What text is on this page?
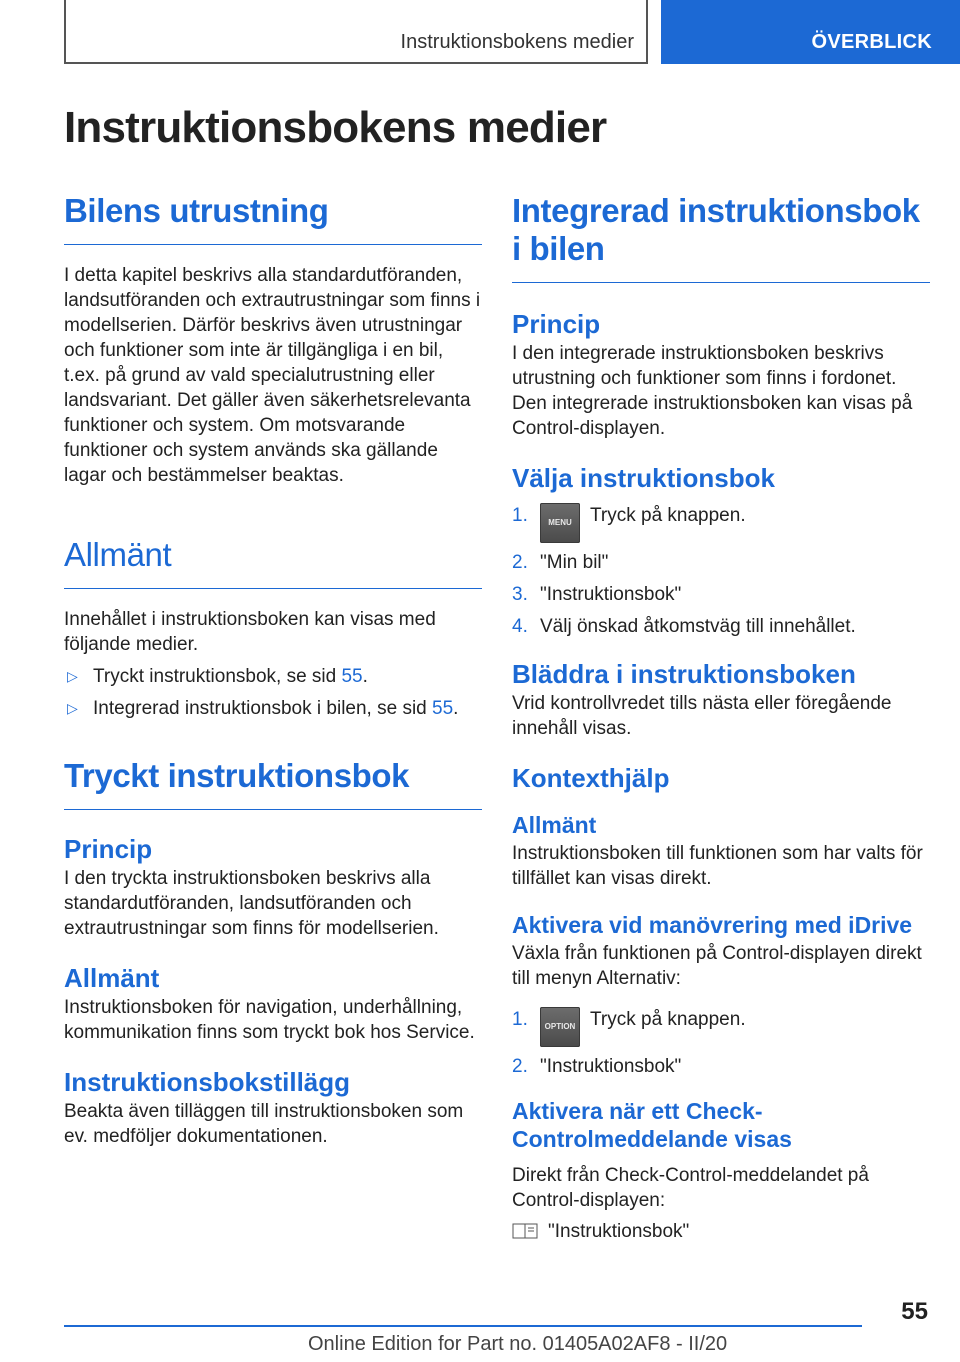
Instruktionsbokens medier	ÖVERBLICK
Instruktionsbokens medier
Bilens utrustning

I detta kapitel beskrivs alla standardutföranden, landsutföranden och extrautrustningar som finns i modellserien. Därför beskrivs även utrustningar och funktioner som inte är tillgängliga i en bil, t.ex. på grund av vald specialutrustning eller landsvariant. Det gäller även säkerhetsrelevanta funktioner och system. Om motsvarande funktioner och system används ska gällande lagar och bestämmelser beaktas.

Allmänt

Innehållet i instruktionsboken kan visas med följande medier.

▷ Tryckt instruktionsbok, se sid 55.
▷ Integrerad instruktionsbok i bilen, se sid 55.
Tryckt instruktionsbok
Princip

I den tryckta instruktionsboken beskrivs alla standardutföranden, landsutföranden och extrautrustningar som finns för modellserien.

Allmänt

Instruktionsboken för navigation, underhållning, kommunikation finns som tryckt bok hos Service.

Instruktionsbokstillägg

Beakta även tilläggen till instruktionsboken som ev. medföljer dokumentationen.

Integrerad instruktionsbok i bilen
Princip

I den integrerade instruktionsboken beskrivs utrustning och funktioner som finns i fordonet. Den integrerade instruktionsboken kan visas på Control-displayen.

Välja instruktionsbok
1.	MENU Tryck på knappen.
2. "Min bil"
3. "Instruktionsbok"
4. Välj önskad åtkomstväg till innehållet.
Bläddra i instruktionsboken

Vrid kontrollvredet tills nästa eller föregående innehåll visas.

Kontexthjälp
Allmänt

Instruktionsboken till funktionen som har valts för tillfället kan visas direkt.

Aktivera vid manövrering med iDrive

Växla från funktionen på Control-displayen direkt till menyn Alternativ:

1. OPTION Tryck på knappen.
2. "Instruktionsbok"
Aktivera när ett Check-Controlmeddelande visas

Direkt från Check-Control-meddelandet på Control-displayen:

"Instruktionsbok"
55
Online Edition for Part no. 01405A02AF8 - II/20
